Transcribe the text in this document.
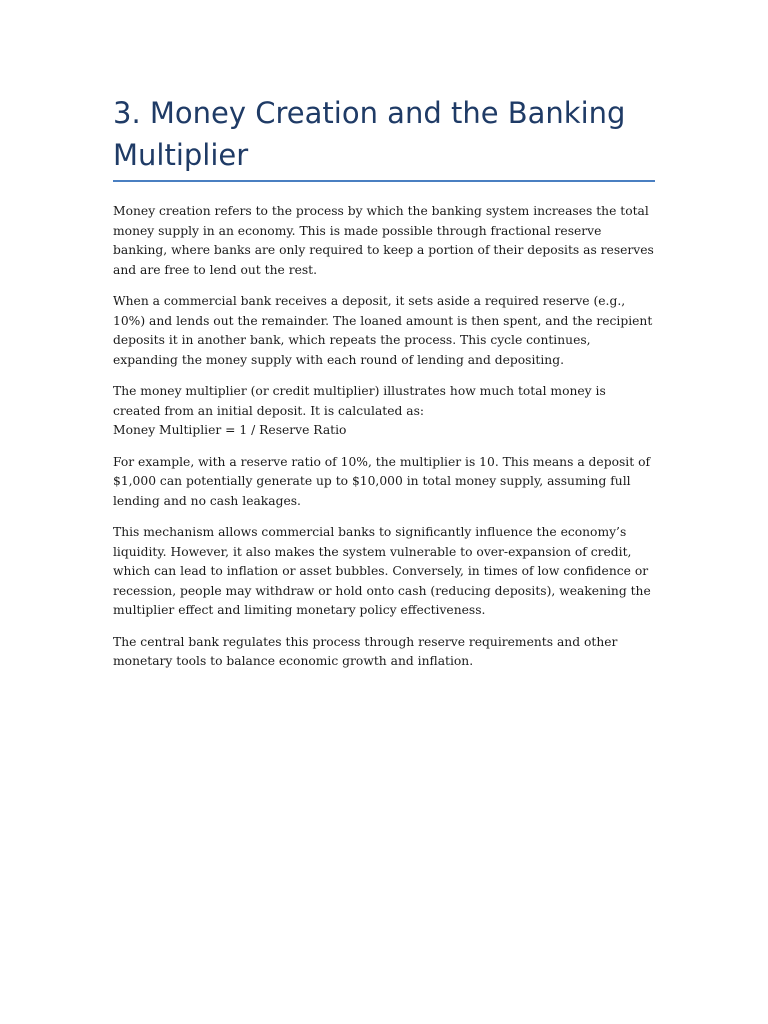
3. Money Creation and the Banking Multiplier

Money creation refers to the process by which the banking system increases the total money supply in an economy. This is made possible through fractional reserve banking, where banks are only required to keep a portion of their deposits as reserves and are free to lend out the rest.

When a commercial bank receives a deposit, it sets aside a required reserve (e.g., 10%) and lends out the remainder. The loaned amount is then spent, and the recipient deposits it in another bank, which repeats the process. This cycle continues, expanding the money supply with each round of lending and depositing.

The money multiplier (or credit multiplier) illustrates how much total money is created from an initial deposit. It is calculated as:
Money Multiplier = 1 / Reserve Ratio

For example, with a reserve ratio of 10%, the multiplier is 10. This means a deposit of $1,000 can potentially generate up to $10,000 in total money supply, assuming full lending and no cash leakages.

This mechanism allows commercial banks to significantly influence the economy’s liquidity. However, it also makes the system vulnerable to over-expansion of credit, which can lead to inflation or asset bubbles. Conversely, in times of low confidence or recession, people may withdraw or hold onto cash (reducing deposits), weakening the multiplier effect and limiting monetary policy effectiveness.

The central bank regulates this process through reserve requirements and other monetary tools to balance economic growth and inflation.
